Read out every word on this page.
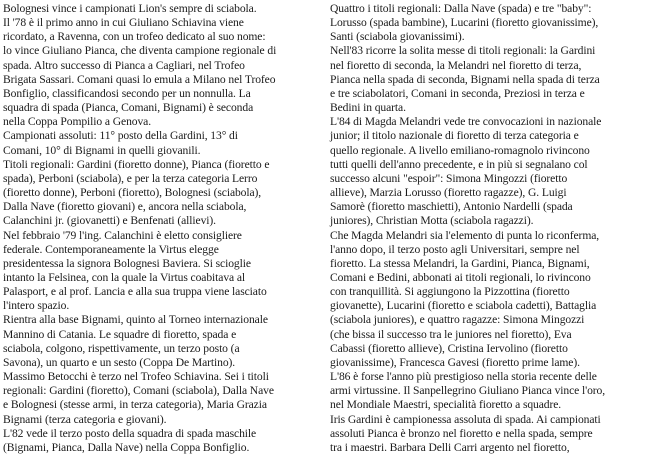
Bolognesi vince i campionati Lion's sempre di sciabola.
Il '78 è il primo anno in cui Giuliano Schiavina viene
ricordato, a Ravenna, con un trofeo dedicato al suo nome:
lo vince Giuliano Pianca, che diventa campione regionale di
spada. Altro successo di Pianca a Cagliari, nel Trofeo
Brigata Sassari. Comani quasi lo emula a Milano nel Trofeo
Bonfiglio, classificandosi secondo per un nonnulla. La
squadra di spada (Pianca, Comani, Bignami) è seconda
nella Coppa Pompilio a Genova.
Campionati assoluti: 11° posto della Gardini, 13° di
Comani, 10° di Bignami in quelli giovanili.
Titoli regionali: Gardini (fioretto donne), Pianca (fioretto e
spada), Perboni (sciabola), e per la terza categoria Lerro
(fioretto donne), Perboni (fioretto), Bolognesi (sciabola),
Dalla Nave (fioretto giovani) e, ancora nella sciabola,
Calanchini jr. (giovanetti) e Benfenati (allievi).
Nel febbraio '79 l'ing. Calanchini è eletto consigliere
federale. Contemporaneamente la Virtus elegge
presidentessa la signora Bolognesi Baviera. Si scioglie
intanto la Felsinea, con la quale la Virtus coabitava al
Palasport, e al prof. Lancia e alla sua truppa viene lasciato
l'intero spazio.
Rientra alla base Bignami, quinto al Torneo internazionale
Mannino di Catania. Le squadre di fioretto, spada e
sciabola, colgono, rispettivamente, un terzo posto (a
Savona), un quarto e un sesto (Coppa De Martino).
Massimo Betocchi è terzo nel Trofeo Schiavina. Sei i titoli
regionali: Gardini (fioretto), Comani (sciabola), Dalla Nave
e Bolognesi (stesse armi, in terza categoria), Maria Grazia
Bignami (terza categoria e giovani).
L'82 vede il terzo posto della squadra di spada maschile
(Bignami, Pianca, Dalla Nave) nella Coppa Bonfiglio.
Quattro i titoli regionali: Dalla Nave (spada) e tre "baby":
Lorusso (spada bambine), Lucarini (fioretto giovanissime),
Santi (sciabola giovanissimi).
Nell'83 ricorre la solita messe di titoli regionali: la Gardini
nel fioretto di seconda, la Melandri nel fioretto di terza,
Pianca nella spada di seconda, Bignami nella spada di terza
e tre sciabolatori, Comani in seconda, Preziosi in terza e
Bedini in quarta.
L'84 di Magda Melandri vede tre convocazioni in nazionale
junior; il titolo nazionale di fioretto di terza categoria e
quello regionale. A livello emiliano-romagnolo rivincono
tutti quelli dell'anno precedente, e in più si segnalano col
successo alcuni "espoir": Simona Mingozzi (fioretto
allieve), Marzia Lorusso (fioretto ragazze), G. Luigi
Samorè (fioretto maschietti), Antonio Nardelli (spada
juniores), Christian Motta (sciabola ragazzi).
Che Magda Melandri sia l'elemento di punta lo riconferma,
l'anno dopo, il terzo posto agli Universitari, sempre nel
fioretto. La stessa Melandri, la Gardini, Pianca, Bignami,
Comani e Bedini, abbonati ai titoli regionali, lo rivincono
con tranquillità. Si aggiungono la Pizzottina (fioretto
giovanette), Lucarini (fioretto e sciabola cadetti), Battaglia
(sciabola juniores), e quattro ragazze: Simona Mingozzi
(che bissa il successo tra le juniores nel fioretto), Eva
Cabassi (fioretto allieve), Cristina Iervolino (fioretto
giovanissime), Francesca Gavesi (fioretto prime lame).
L'86 è forse l'anno più prestigioso nella storia recente delle
armi virtussine. Il Sanpellegrino Giuliano Pianca vince l'oro,
nel Mondiale Maestri, specialità fioretto a squadre.
Iris Gardini è campionessa assoluta di spada. Ai campionati
assoluti Pianca è bronzo nel fioretto e nella spada, sempre
tra i maestri. Barbara Delli Carri argento nel fioretto,
